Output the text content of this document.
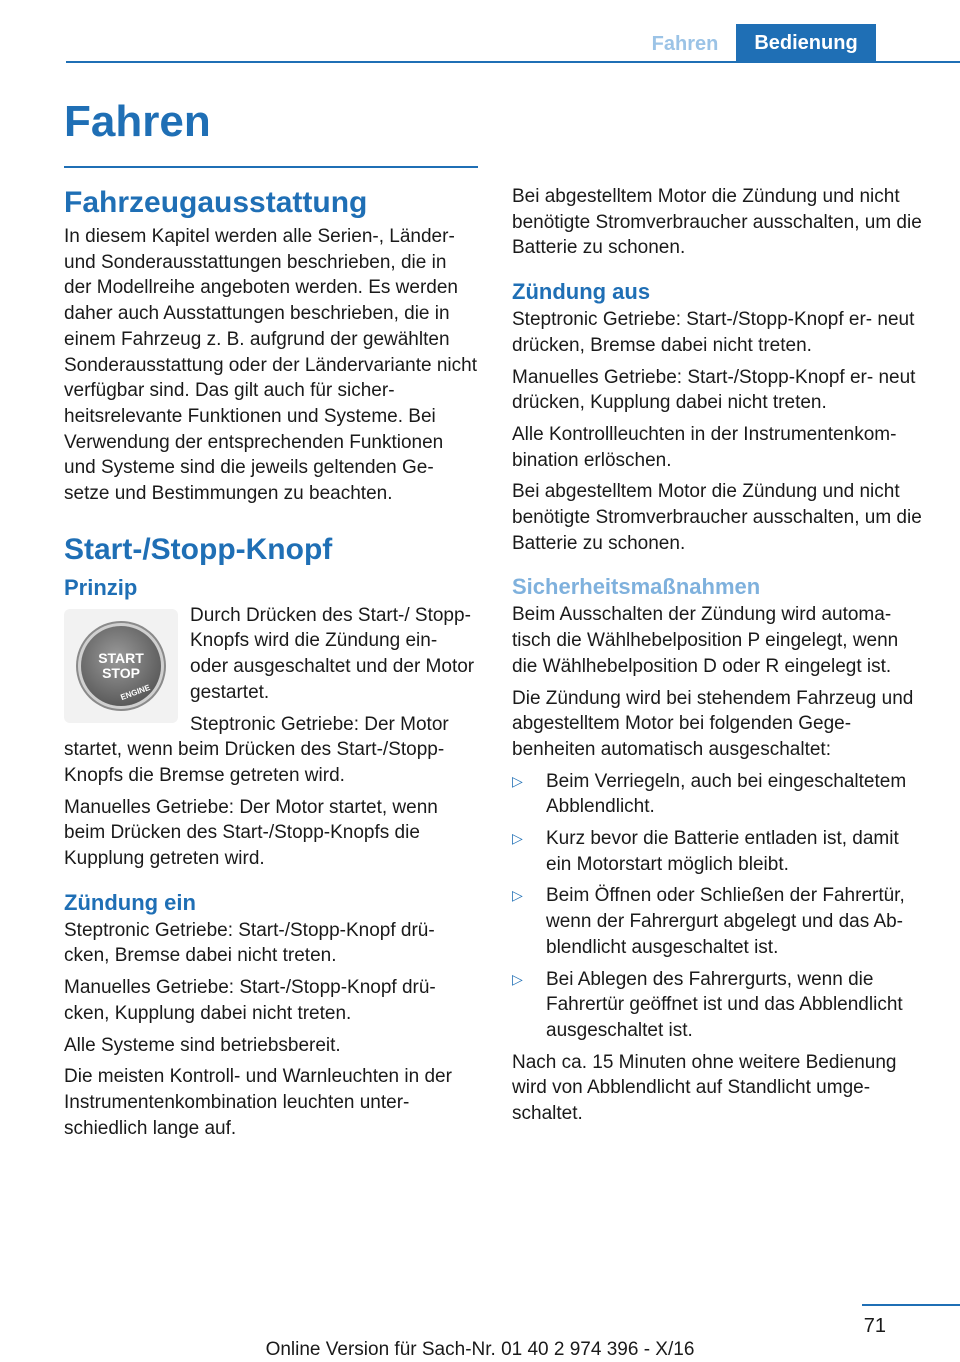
Fahren	Bedienung
Fahren
Fahrzeugausstattung

In diesem Kapitel werden alle Serien-, Länder- und Sonderausstattungen beschrieben, die in der Modellreihe angeboten werden. Es werden daher auch Ausstattungen beschrieben, die in einem Fahrzeug z. B. aufgrund der gewählten Sonderausstattung oder der Ländervariante nicht verfügbar sind. Das gilt auch für sicher- heitsrelevante Funktionen und Systeme. Bei Verwendung der entsprechenden Funktionen und Systeme sind die jeweils geltenden Ge- setze und Bestimmungen zu beachten.

Start-/Stopp-Knopf
Prinzip
START
STOP
ENGINE

Durch Drücken des Start-/ Stopp-Knopfs wird die Zündung ein- oder ausgeschaltet und der Motor gestartet.

Steptronic Getriebe: Der Motor startet, wenn beim Drücken des Start-/Stopp- Knopfs die Bremse getreten wird.

Manuelles Getriebe: Der Motor startet, wenn beim Drücken des Start-/Stopp-Knopfs die Kupplung getreten wird.

Zündung ein

Steptronic Getriebe: Start-/Stopp-Knopf drü- cken, Bremse dabei nicht treten.

Manuelles Getriebe: Start-/Stopp-Knopf drü- cken, Kupplung dabei nicht treten.

Alle Systeme sind betriebsbereit.

Die meisten Kontroll- und Warnleuchten in der Instrumentenkombination leuchten unter- schiedlich lange auf.

Bei abgestelltem Motor die Zündung und nicht benötigte Stromverbraucher ausschalten, um die Batterie zu schonen.

Zündung aus

Steptronic Getriebe: Start-/Stopp-Knopf er- neut drücken, Bremse dabei nicht treten.

Manuelles Getriebe: Start-/Stopp-Knopf er- neut drücken, Kupplung dabei nicht treten.

Alle Kontrollleuchten in der Instrumentenkom- bination erlöschen.

Bei abgestelltem Motor die Zündung und nicht benötigte Stromverbraucher ausschalten, um die Batterie zu schonen.

Sicherheitsmaßnahmen

Beim Ausschalten der Zündung wird automa- tisch die Wählhebelposition P eingelegt, wenn die Wählhebelposition D oder R eingelegt ist.

Die Zündung wird bei stehendem Fahrzeug und abgestelltem Motor bei folgenden Gege- benheiten automatisch ausgeschaltet:

▷ Beim Verriegeln, auch bei eingeschaltetem Abblendlicht.
▷ Kurz bevor die Batterie entladen ist, damit ein Motorstart möglich bleibt.
▷ Beim Öffnen oder Schließen der Fahrertür, wenn der Fahrergurt abgelegt und das Ab- blendlicht ausgeschaltet ist.
▷ Bei Ablegen des Fahrergurts, wenn die Fahrertür geöffnet ist und das Abblendlicht ausgeschaltet ist.

Nach ca. 15 Minuten ohne weitere Bedienung wird von Abblendlicht auf Standlicht umge- schaltet.

71
Online Version für Sach-Nr. 01 40 2 974 396 - X/16
